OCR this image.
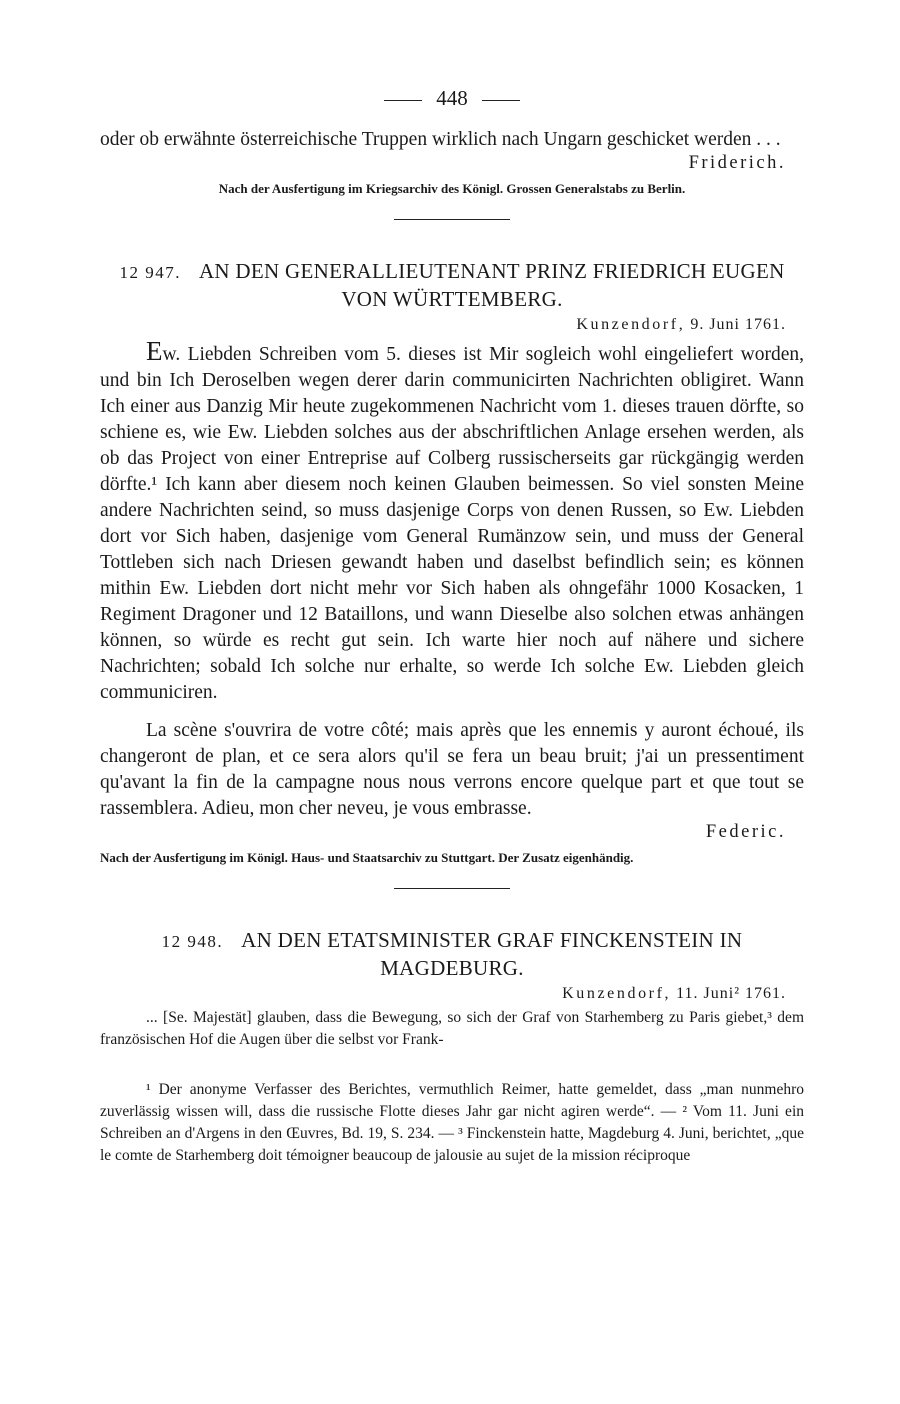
448

oder ob erwähnte österreichische Truppen wirklich nach Ungarn geschicket werden . . .

Friderich.
Nach der Ausfertigung im Kriegsarchiv des Königl. Grossen Generalstabs zu Berlin.
12 947. AN DEN GENERALLIEUTENANT PRINZ FRIEDRICH EUGEN VON WÜRTTEMBERG.
Kunzendorf, 9. Juni 1761.

Ew. Liebden Schreiben vom 5. dieses ist Mir sogleich wohl eingeliefert worden, und bin Ich Deroselben wegen derer darin communicirten Nachrichten obligiret. Wann Ich einer aus Danzig Mir heute zugekommenen Nachricht vom 1. dieses trauen dörfte, so schiene es, wie Ew. Liebden solches aus der abschriftlichen Anlage ersehen werden, als ob das Project von einer Entreprise auf Colberg russischerseits gar rückgängig werden dörfte.¹ Ich kann aber diesem noch keinen Glauben beimessen. So viel sonsten Meine andere Nachrichten seind, so muss dasjenige Corps von denen Russen, so Ew. Liebden dort vor Sich haben, dasjenige vom General Rumänzow sein, und muss der General Tottleben sich nach Driesen gewandt haben und daselbst befindlich sein; es können mithin Ew. Liebden dort nicht mehr vor Sich haben als ohngefähr 1000 Kosacken, 1 Regiment Dragoner und 12 Bataillons, und wann Dieselbe also solchen etwas anhängen können, so würde es recht gut sein. Ich warte hier noch auf nähere und sichere Nachrichten; sobald Ich solche nur erhalte, so werde Ich solche Ew. Liebden gleich communiciren.

La scène s'ouvrira de votre côté; mais après que les ennemis y auront échoué, ils changeront de plan, et ce sera alors qu'il se fera un beau bruit; j'ai un pressentiment qu'avant la fin de la campagne nous nous verrons encore quelque part et que tout se rassemblera. Adieu, mon cher neveu, je vous embrasse.

Federic.
Nach der Ausfertigung im Königl. Haus- und Staatsarchiv zu Stuttgart. Der Zusatz eigenhändig.
12 948. AN DEN ETATSMINISTER GRAF FINCKENSTEIN IN MAGDEBURG.
Kunzendorf, 11. Juni² 1761.

... [Se. Majestät] glauben, dass die Bewegung, so sich der Graf von Starhemberg zu Paris giebet,³ dem französischen Hof die Augen über die selbst vor Frank-

¹ Der anonyme Verfasser des Berichtes, vermuthlich Reimer, hatte gemeldet, dass „man nunmehro zuverlässig wissen will, dass die russische Flotte dieses Jahr gar nicht agiren werde“. — ² Vom 11. Juni ein Schreiben an d'Argens in den Œuvres, Bd. 19, S. 234. — ³ Finckenstein hatte, Magdeburg 4. Juni, berichtet, „que le comte de Starhemberg doit témoigner beaucoup de jalousie au sujet de la mission réciproque
